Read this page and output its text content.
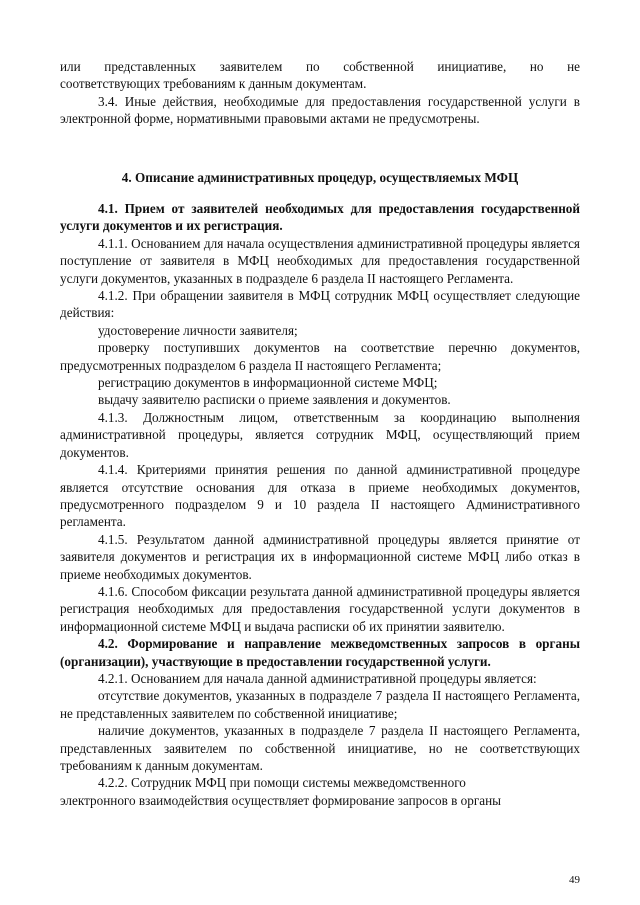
или представленных заявителем по собственной инициативе, но не

соответствующих требованиям к данным документам.

3.4. Иные действия, необходимые для предоставления государственной услуги в электронной форме, нормативными правовыми актами не предусмотрены.

4. Описание административных процедур, осуществляемых МФЦ

4.1. Прием от заявителей необходимых для предоставления государственной услуги документов и их регистрация.

4.1.1. Основанием для начала осуществления административной процедуры является поступление от заявителя в МФЦ необходимых для предоставления государственной услуги документов, указанных в подразделе 6 раздела II настоящего Регламента.

4.1.2. При обращении заявителя в МФЦ сотрудник МФЦ осуществляет следующие действия:

удостоверение личности заявителя;

проверку поступивших документов на соответствие перечню документов, предусмотренных подразделом 6 раздела II настоящего Регламента;

регистрацию документов в информационной системе МФЦ;

выдачу заявителю расписки о приеме заявления и документов.

4.1.3. Должностным лицом, ответственным за координацию выполнения административной процедуры, является сотрудник МФЦ, осуществляющий прием документов.

4.1.4. Критериями принятия решения по данной административной процедуре является отсутствие основания для отказа в приеме необходимых документов, предусмотренного подразделом 9 и 10 раздела II настоящего Административного регламента.

4.1.5. Результатом данной административной процедуры является принятие от заявителя документов и регистрация их в информационной системе МФЦ либо отказ в приеме необходимых документов.

4.1.6. Способом фиксации результата данной административной процедуры является регистрация необходимых для предоставления государственной услуги документов в информационной системе МФЦ и выдача расписки об их принятии заявителю.

4.2. Формирование и направление межведомственных запросов в органы (организации), участвующие в предоставлении государственной услуги.

4.2.1. Основанием для начала данной административной процедуры является:

отсутствие документов, указанных в подразделе 7 раздела II настоящего Регламента, не представленных заявителем по собственной инициативе;

наличие документов, указанных в подразделе 7 раздела II настоящего Регламента, представленных заявителем по собственной инициативе, но не соответствующих требованиям к данным документам.

4.2.2. Сотрудник МФЦ при помощи системы межведомственного

электронного взаимодействия осуществляет формирование запросов в органы

49
